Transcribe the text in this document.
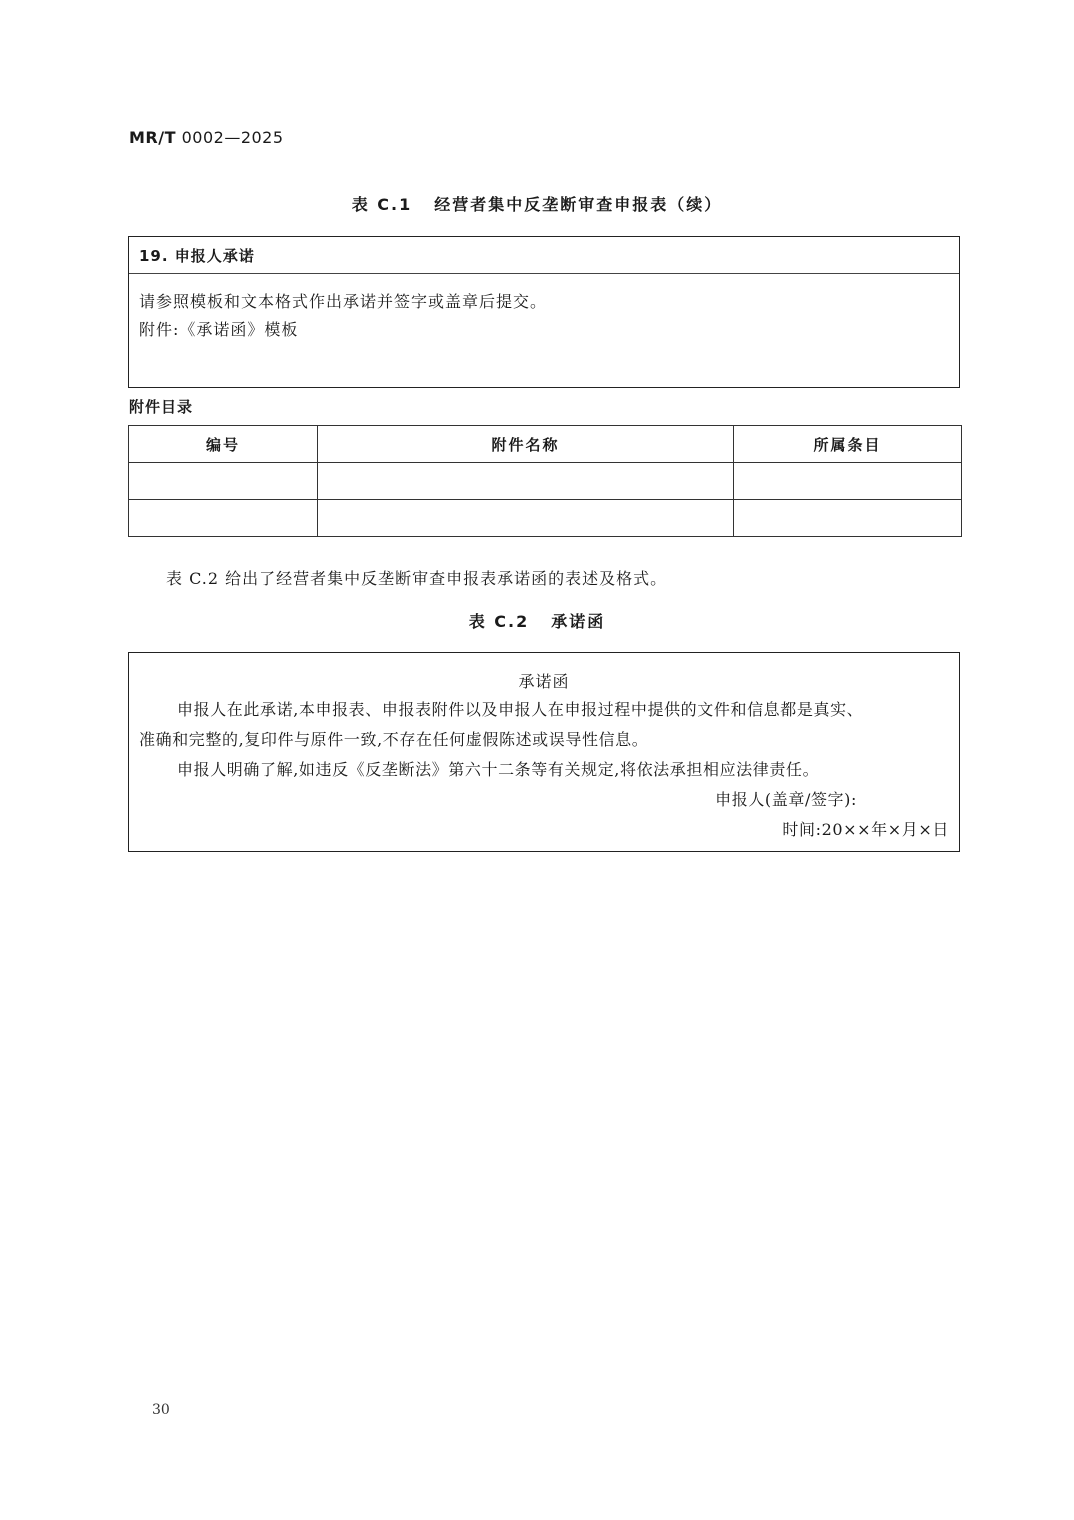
MR/T 0002—2025
表 C.1 经营者集中反垄断审查申报表（续）
19. 申报人承诺
请参照模板和文本格式作出承诺并签字或盖章后提交。
附件:《承诺函》模板
附件目录
编号	附件名称	所属条目

表 C.2 给出了经营者集中反垄断审查申报表承诺函的表述及格式。
表 C.2 承诺函
承诺函
申报人在此承诺,本申报表、申报表附件以及申报人在申报过程中提供的文件和信息都是真实、
准确和完整的,复印件与原件一致,不存在任何虚假陈述或误导性信息。
申报人明确了解,如违反《反垄断法》第六十二条等有关规定,将依法承担相应法律责任。
申报人(盖章/签字):
时间:20××年×月×日
30
